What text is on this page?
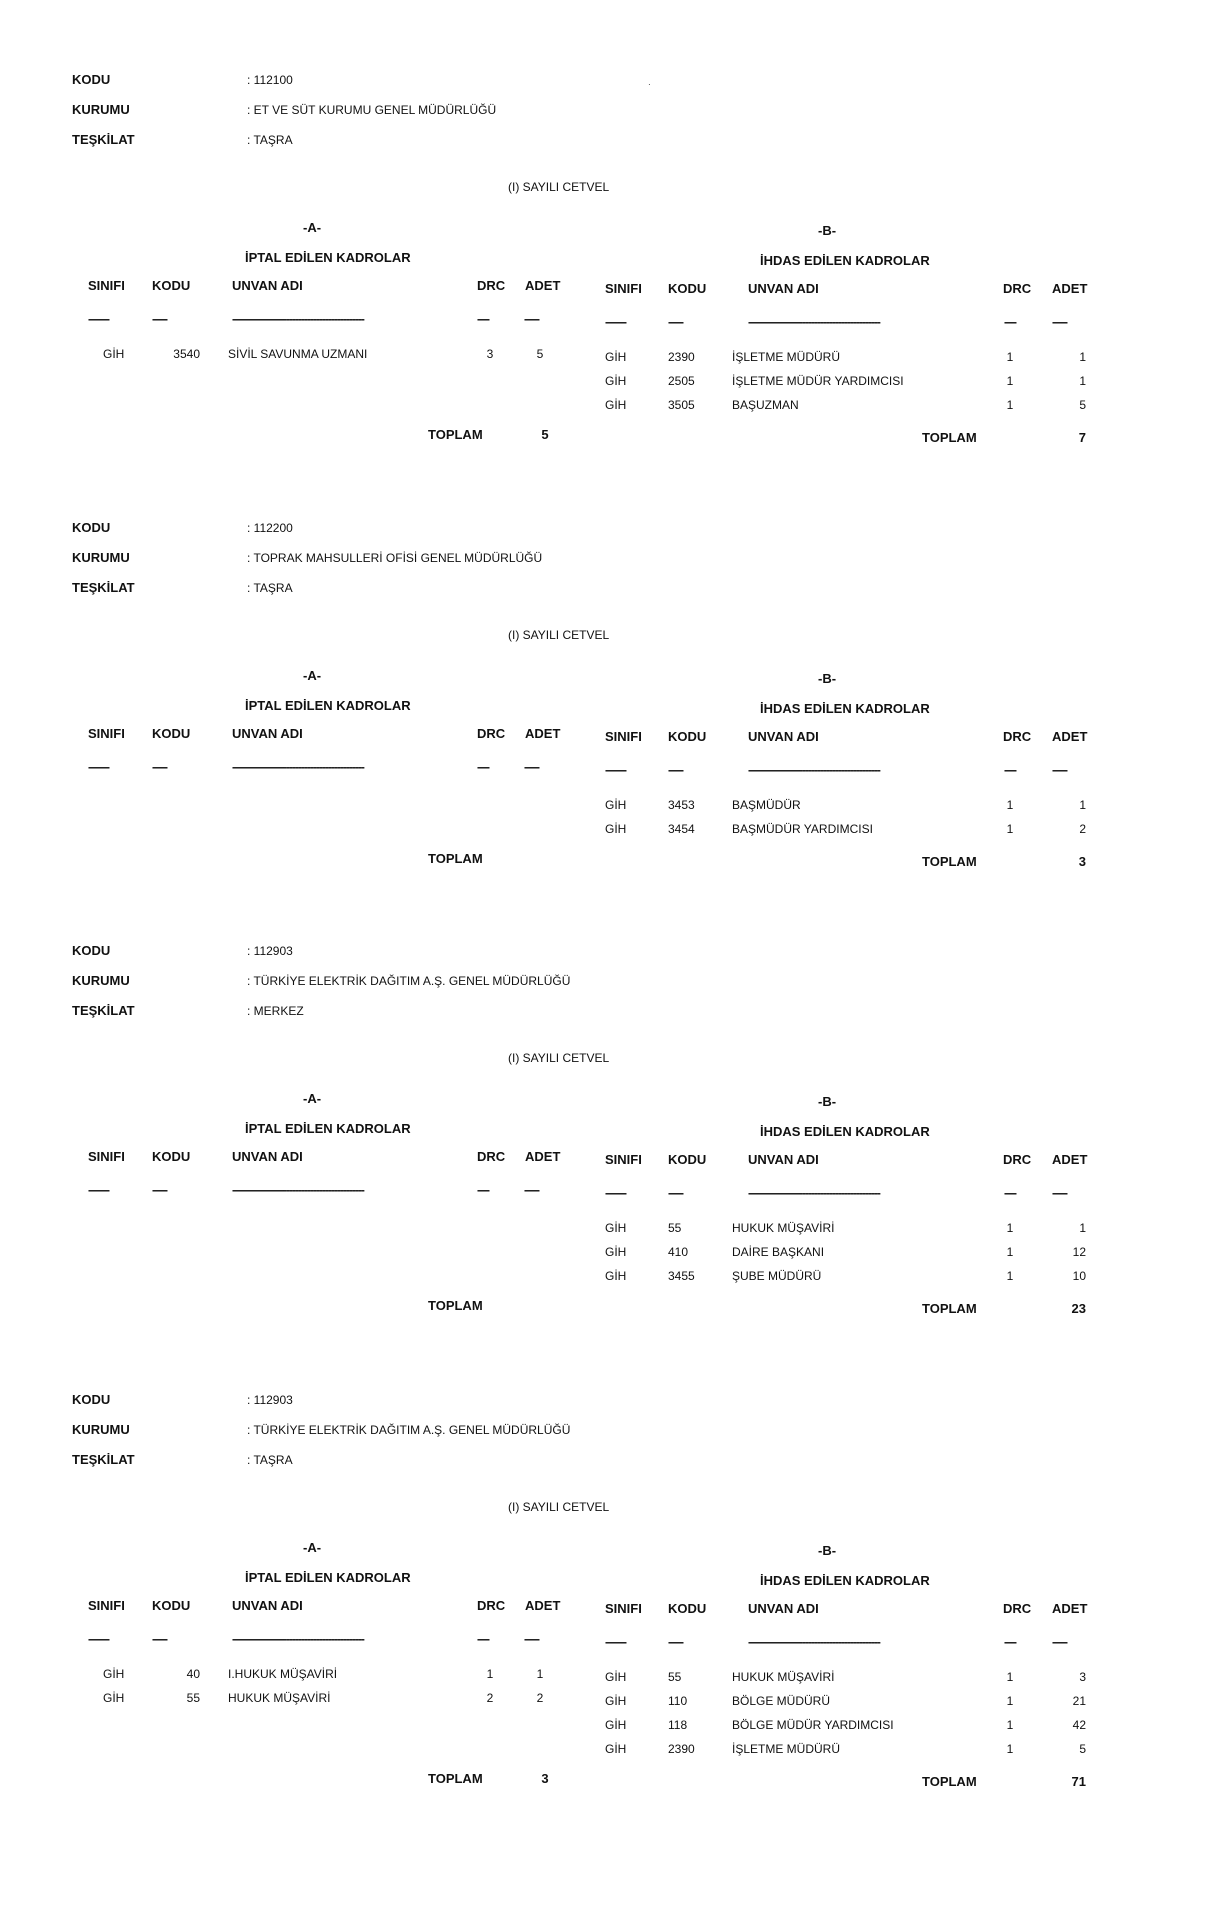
KODU	: 112100
KURUMU	: ET VE SÜT KURUMU GENEL MÜDÜRLÜĞÜ
TEŞKİLAT	: TAŞRA
(I) SAYILI CETVEL
-A-
İPTAL EDİLEN KADROLAR
-B-
İHDAS EDİLEN KADROLAR
SINIFI KODU	UNVAN ADI	DRC ADET	SINIFI KODU	UNVAN ADI	DRC ADET
-------	-----	--------------------------------------------	----	-----	-------	-----	--------------------------------------------	----	-----
GİH	3540 SİVİL SAVUNMA UZMANI	3	5	GİH	2390	İŞLETME MÜDÜRÜ	1	1
GİH	2505	İŞLETME MÜDÜR YARDIMCISI	1	1
GİH	3505	BAŞUZMAN	1	5
TOPLAM	5	TOPLAM	7
KODU	: 112200
KURUMU	: TOPRAK MAHSULLERİ OFİSİ GENEL MÜDÜRLÜĞÜ
TEŞKİLAT	: TAŞRA
(I) SAYILI CETVEL
-A-
İPTAL EDİLEN KADROLAR
-B-
İHDAS EDİLEN KADROLAR
SINIFI KODU	UNVAN ADI	DRC ADET	SINIFI KODU	UNVAN ADI	DRC ADET
-------	-----	--------------------------------------------	----	-----	-------	-----	--------------------------------------------	----	-----
GİH	3453	BAŞMÜDÜR	1	1
GİH	3454	BAŞMÜDÜR YARDIMCISI	1	2
TOPLAM	TOPLAM	3
KODU	: 112903
KURUMU	: TÜRKİYE ELEKTRİK DAĞITIM A.Ş. GENEL MÜDÜRLÜĞÜ
TEŞKİLAT	: MERKEZ
(I) SAYILI CETVEL
-A-
İPTAL EDİLEN KADROLAR
-B-
İHDAS EDİLEN KADROLAR
SINIFI KODU	UNVAN ADI	DRC ADET	SINIFI KODU	UNVAN ADI	DRC ADET
-------	-----	--------------------------------------------	----	-----	-------	-----	--------------------------------------------	----	-----
GİH	55	HUKUK MÜŞAVİRİ	1	1
GİH	410	DAİRE BAŞKANI	1	12
GİH	3455	ŞUBE MÜDÜRÜ	1	10
TOPLAM	TOPLAM	23
KODU	: 112903
KURUMU	: TÜRKİYE ELEKTRİK DAĞITIM A.Ş. GENEL MÜDÜRLÜĞÜ
TEŞKİLAT	: TAŞRA
(I) SAYILI CETVEL
-A-
İPTAL EDİLEN KADROLAR
-B-
İHDAS EDİLEN KADROLAR
SINIFI KODU	UNVAN ADI	DRC ADET	SINIFI KODU	UNVAN ADI	DRC ADET
-------	-----	--------------------------------------------	----	-----	-------	-----	--------------------------------------------	----	-----
GİH	40 I.HUKUK MÜŞAVİRİ	1	1
GİH	55 HUKUK MÜŞAVİRİ	2	2
GİH	55	HUKUK MÜŞAVİRİ	1	3
GİH	110	BÖLGE MÜDÜRÜ	1	21
GİH	118	BÖLGE MÜDÜR YARDIMCISI	1	42
GİH	2390	İŞLETME MÜDÜRÜ	1	5
TOPLAM	3	TOPLAM	71
·
